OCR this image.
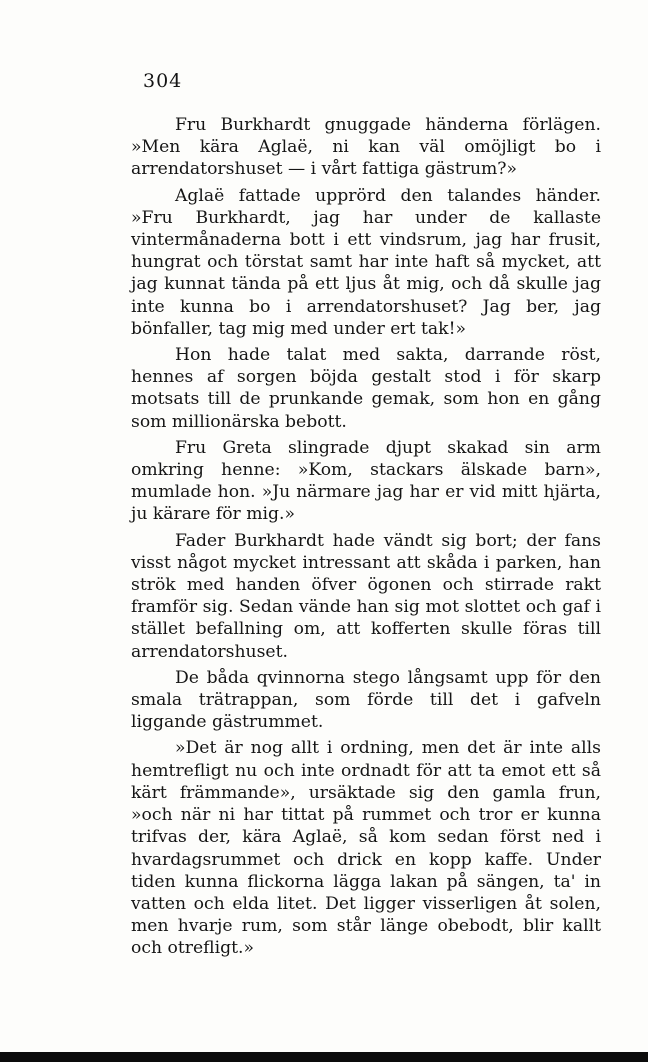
304

Fru Burkhardt gnuggade händerna förlägen. »Men kära Aglaë, ni kan väl omöjligt bo i arrendatorshuset — i vårt fattiga gästrum?»

Aglaë fattade upprörd den talandes händer. »Fru Burkhardt, jag har under de kallaste vintermånaderna bott i ett vindsrum, jag har frusit, hungrat och törstat samt har inte haft så mycket, att jag kunnat tända på ett ljus åt mig, och då skulle jag inte kunna bo i arrendatorshuset? Jag ber, jag bönfaller, tag mig med under ert tak!»

Hon hade talat med sakta, darrande röst, hennes af sorgen böjda gestalt stod i för skarp motsats till de prunkande gemak, som hon en gång som millionärska bebott.

Fru Greta slingrade djupt skakad sin arm omkring henne: »Kom, stackars älskade barn», mumlade hon. »Ju närmare jag har er vid mitt hjärta, ju kärare för mig.»

Fader Burkhardt hade vändt sig bort; der fans visst något mycket intressant att skåda i parken, han strök med handen öfver ögonen och stirrade rakt framför sig. Sedan vände han sig mot slottet och gaf i stället befallning om, att kofferten skulle föras till arrendatorshuset.

De båda qvinnorna stego långsamt upp för den smala trätrappan, som förde till det i gafveln liggande gästrummet.

»Det är nog allt i ordning, men det är inte alls hemtrefligt nu och inte ordnadt för att ta emot ett så kärt främmande», ursäktade sig den gamla frun, »och när ni har tittat på rummet och tror er kunna trifvas der, kära Aglaë, så kom sedan först ned i hvardagsrummet och drick en kopp kaffe. Under tiden kunna flickorna lägga lakan på sängen, ta' in vatten och elda litet. Det ligger visserligen åt solen, men hvarje rum, som står länge obebodt, blir kallt och otrefligt.»
